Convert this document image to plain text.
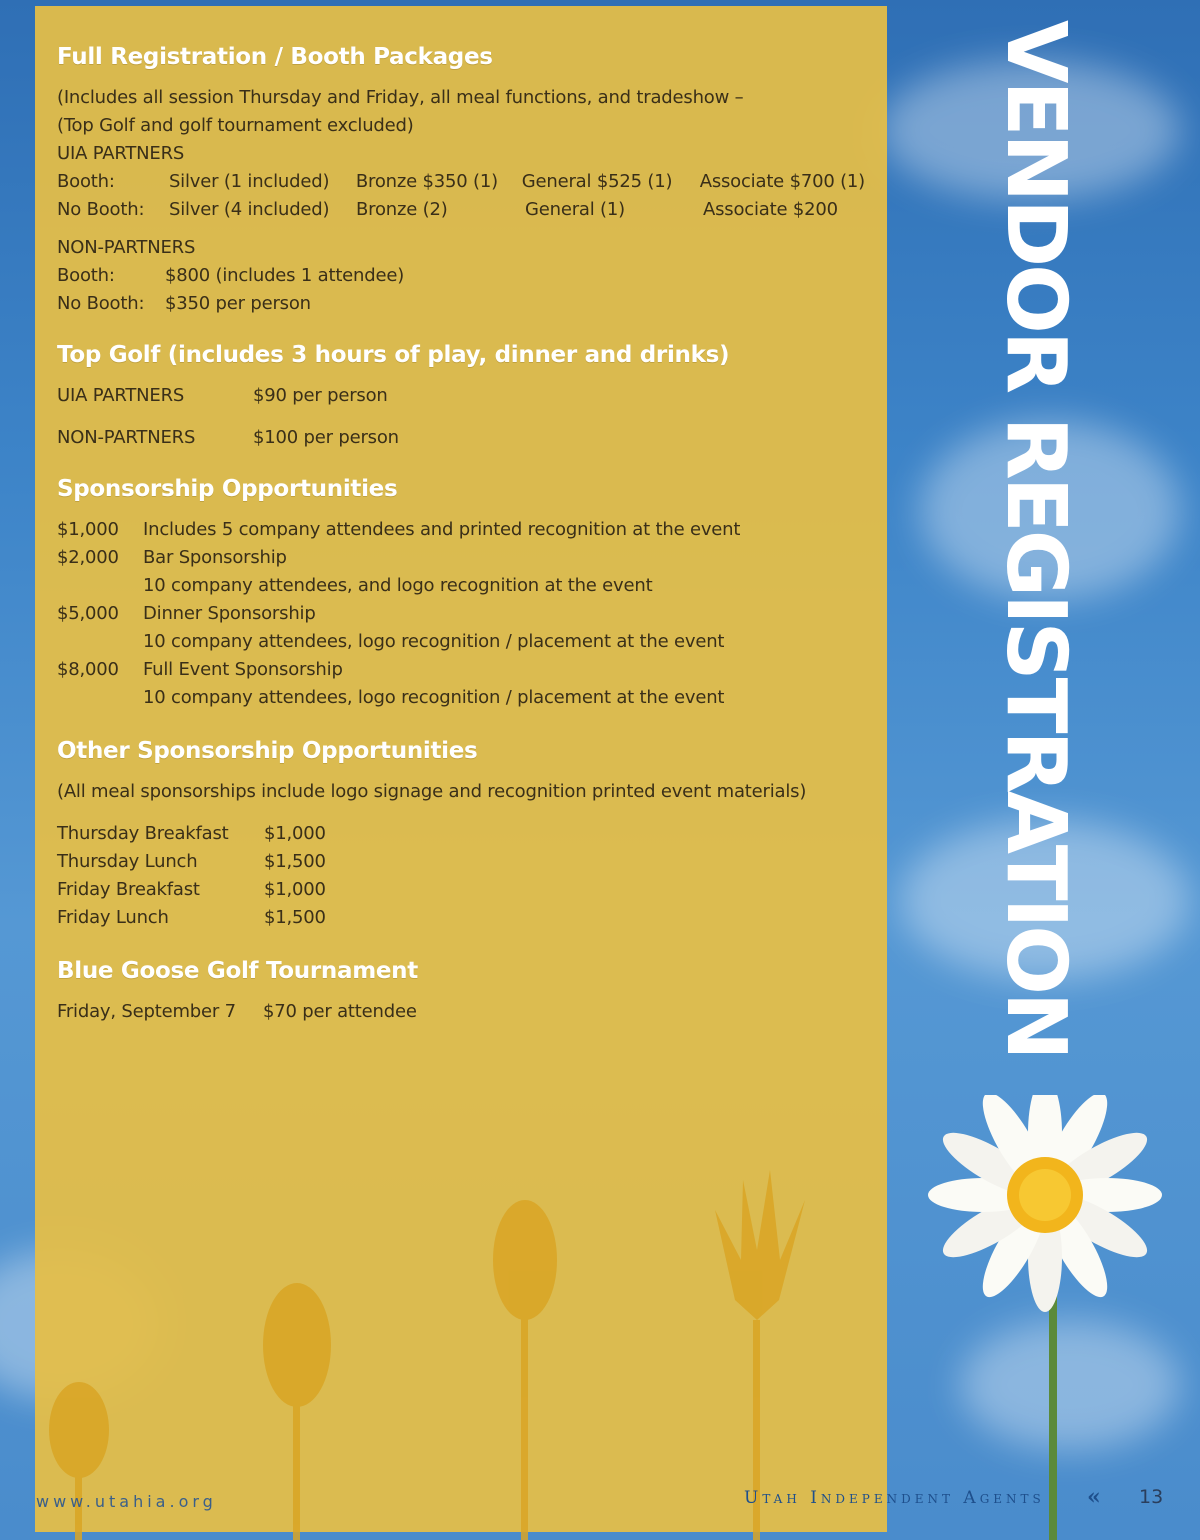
Full Registration / Booth Packages
(Includes all session Thursday and Friday, all meal functions, and tradeshow –
(Top Golf and golf tournament excluded)
UIA PARTNERS
Booth:	Silver (1 included)	Bronze $350 (1)	General $525 (1)	Associate $700 (1)
No Booth:	Silver (4 included)	Bronze (2)	General (1)	Associate $200
NON-PARTNERS
Booth:	$800 (includes 1 attendee)
No Booth:	$350 per person
Top Golf (includes 3 hours of play, dinner and drinks)
UIA PARTNERS	$90 per person
NON-PARTNERS	$100 per person
Sponsorship Opportunities
$1,000	Includes 5 company attendees and printed recognition at the event
$2,000	Bar Sponsorship
10 company attendees, and logo recognition at the event
$5,000	Dinner Sponsorship
10 company attendees, logo recognition / placement at the event
$8,000	Full Event Sponsorship
10 company attendees, logo recognition / placement at the event
Other Sponsorship Opportunities
(All meal sponsorships include logo signage and recognition printed event materials)
Thursday Breakfast	$1,000
Thursday Lunch	$1,500
Friday Breakfast	$1,000
Friday Lunch	$1,500
Blue Goose Golf Tournament
Friday, September 7	$70 per attendee	VENDOR REGISTRATION
www.utahia.org	Utah Independent Agents « 13
